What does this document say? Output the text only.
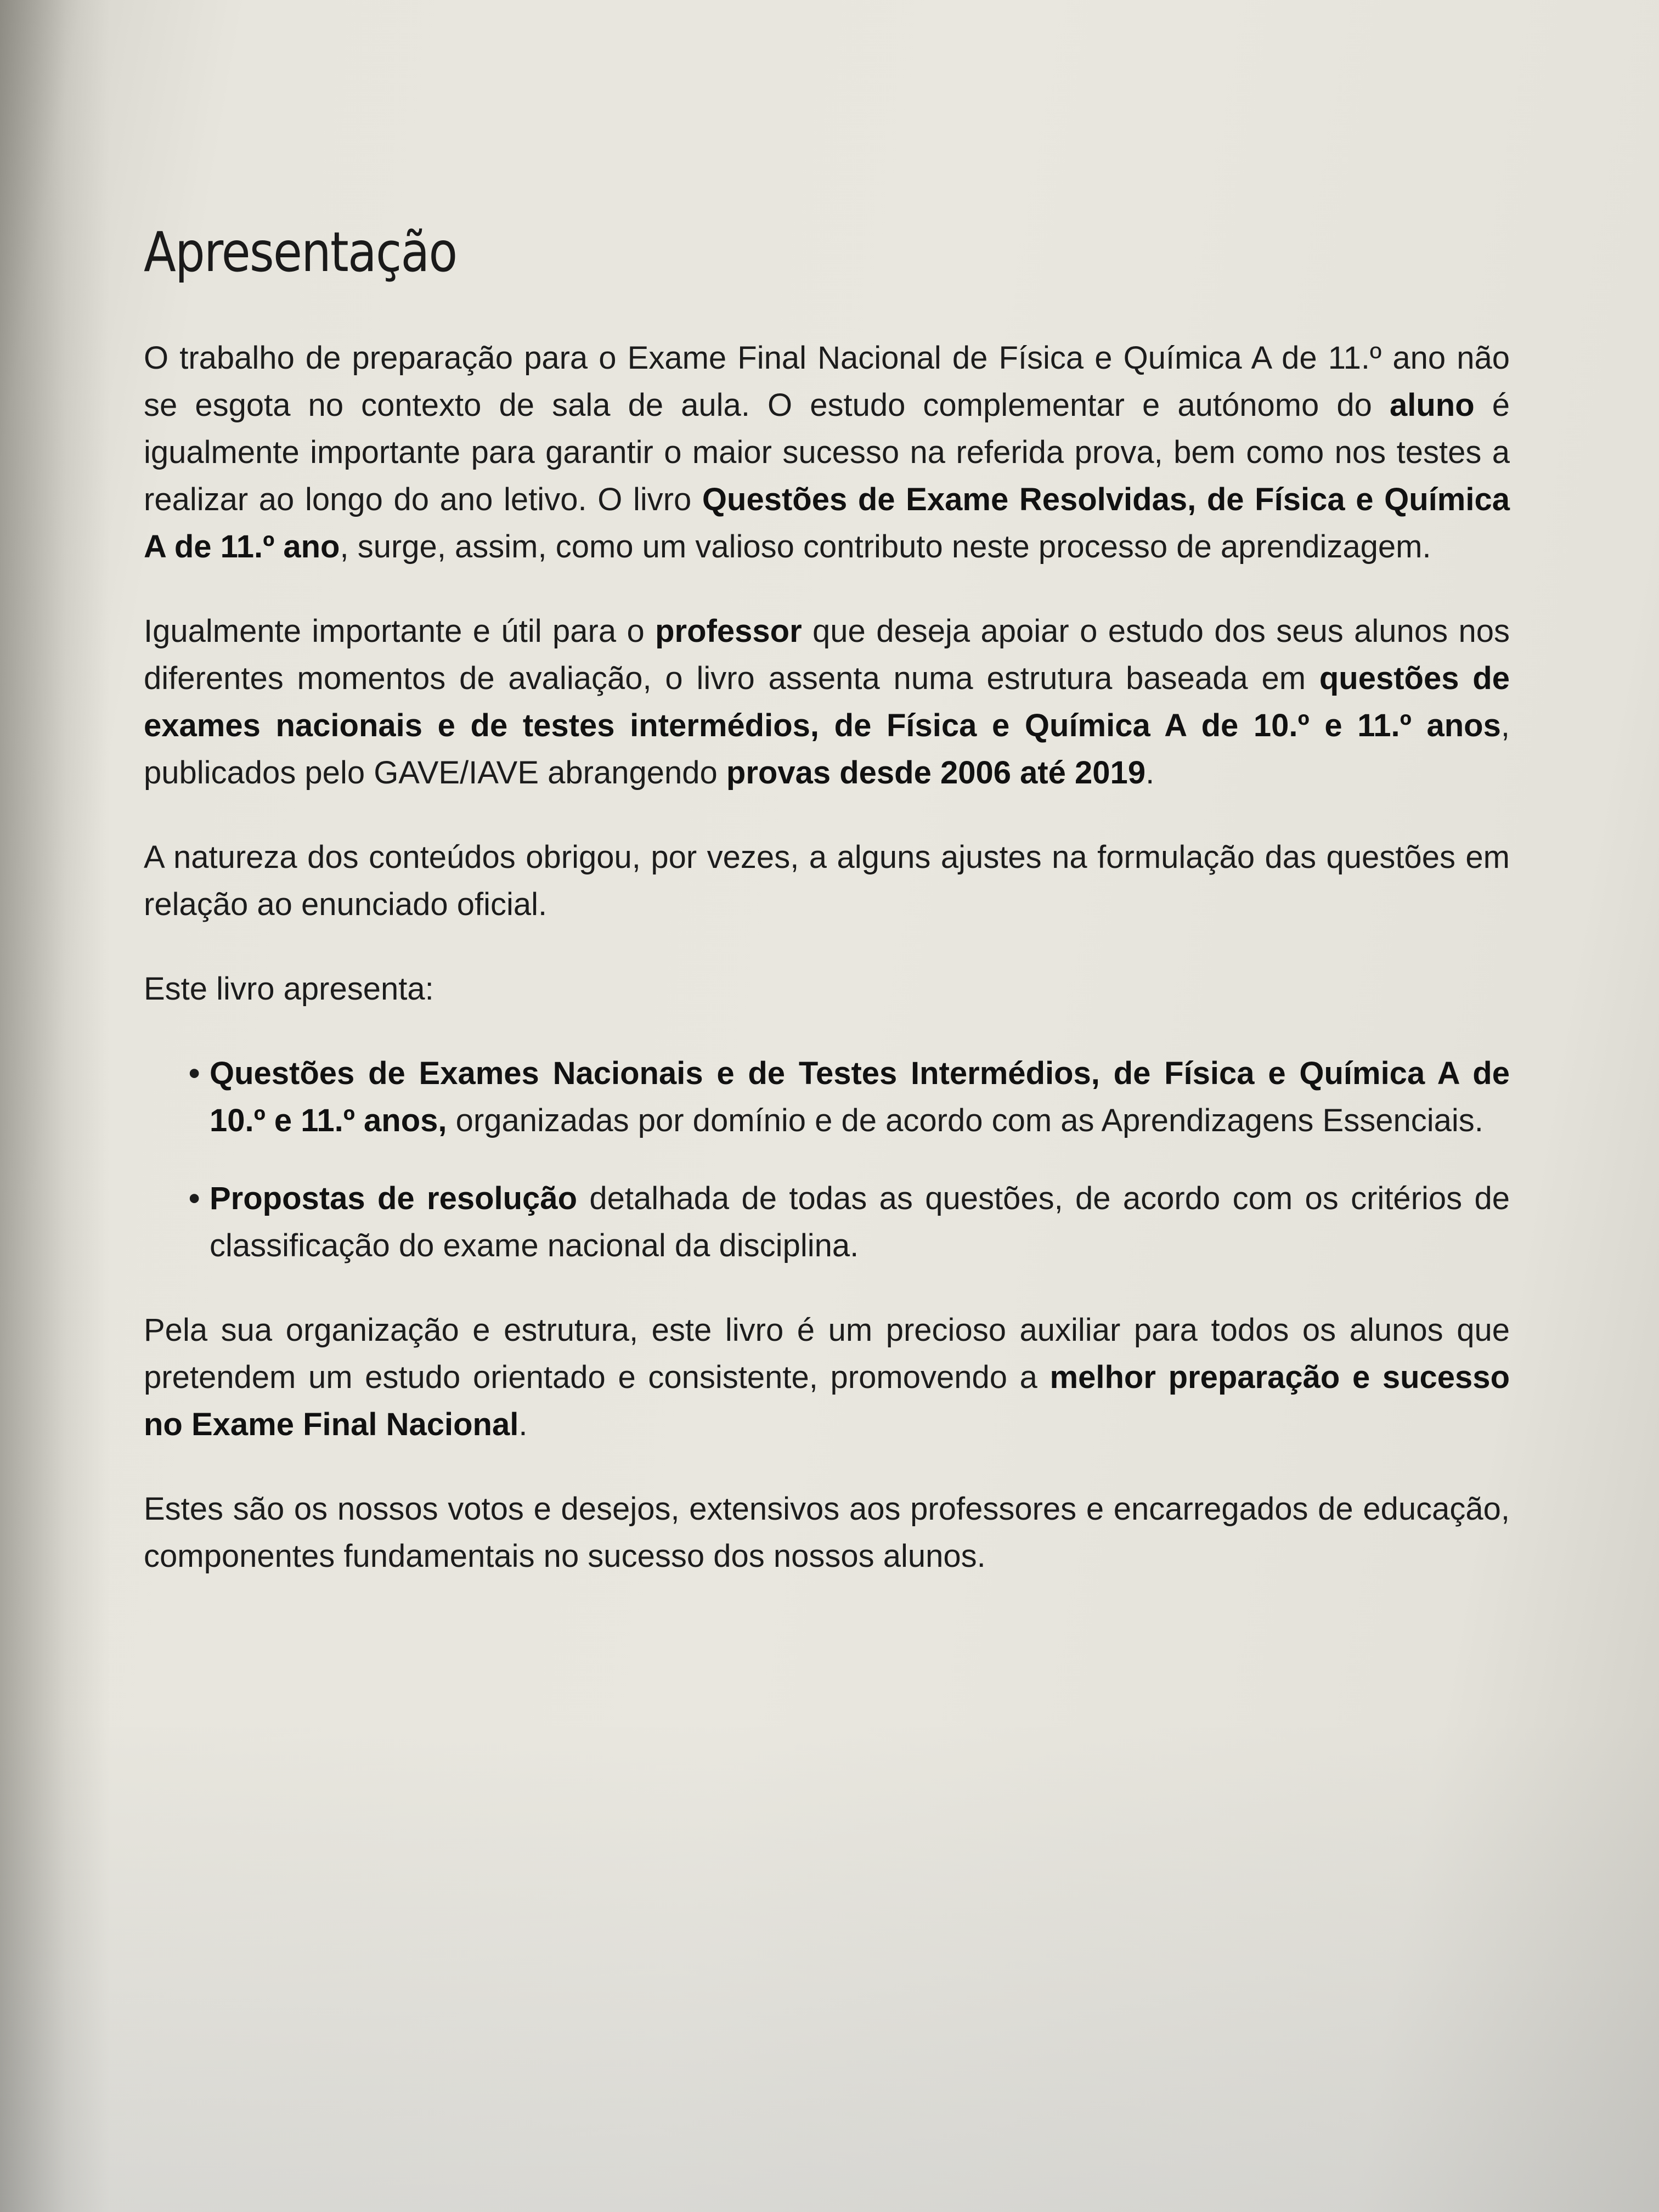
Apresentação

O trabalho de preparação para o Exame Final Nacional de Física e Química A de 11.º ano não se esgota no contexto de sala de aula. O estudo complementar e autónomo do aluno é igualmente importante para garantir o maior sucesso na referida prova, bem como nos testes a realizar ao longo do ano letivo. O livro Questões de Exame Resolvidas, de Física e Química A de 11.º ano, surge, assim, como um valioso contributo neste processo de aprendizagem.

Igualmente importante e útil para o professor que deseja apoiar o estudo dos seus alunos nos diferentes momentos de avaliação, o livro assenta numa estrutura baseada em questões de exames nacionais e de testes intermédios, de Física e Química A de 10.º e 11.º anos, publicados pelo GAVE/IAVE abrangendo provas desde 2006 até 2019.

A natureza dos conteúdos obrigou, por vezes, a alguns ajustes na formulação das questões em relação ao enunciado oficial.

Este livro apresenta:

• Questões de Exames Nacionais e de Testes Intermédios, de Física e Química A de 10.º e 11.º anos, organizadas por domínio e de acordo com as Aprendizagens Essenciais.
• Propostas de resolução detalhada de todas as questões, de acordo com os critérios de classificação do exame nacional da disciplina.

Pela sua organização e estrutura, este livro é um precioso auxiliar para todos os alunos que pretendem um estudo orientado e consistente, promovendo a melhor preparação e sucesso no Exame Final Nacional.

Estes são os nossos votos e desejos, extensivos aos professores e encarregados de educação, componentes fundamentais no sucesso dos nossos alunos.
